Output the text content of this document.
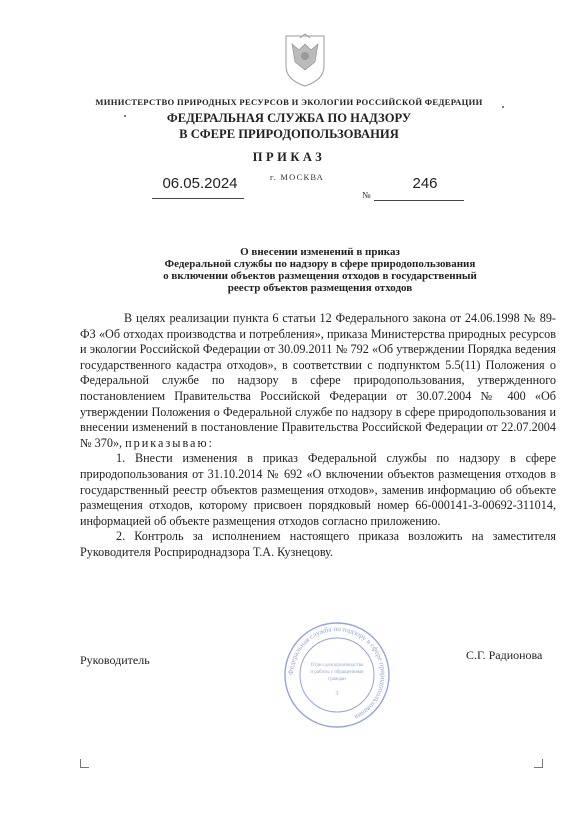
МИНИСТЕРСТВО ПРИРОДНЫХ РЕСУРСОВ И ЭКОЛОГИИ РОССИЙСКОЙ ФЕДЕРАЦИИ
ФЕДЕРАЛЬНАЯ СЛУЖБА ПО НАДЗОРУ
В СФЕРЕ ПРИРОДОПОЛЬЗОВАНИЯ
ПРИКАЗ
06.05.2024	г. МОСКВА
№
246
О внесении изменений в приказ
Федеральной службы по надзору в сфере природопользования
о включении объектов размещения отходов в государственный
реестр объектов размещения отходов

В целях реализации пункта 6 статьи 12 Федерального закона от 24.06.1998 № 89-ФЗ «Об отходах производства и потребления», приказа Министерства природных ресурсов и экологии Российской Федерации от 30.09.2011 № 792 «Об утверждении Порядка ведения государственного кадастра отходов», в соответствии с подпунктом 5.5(11) Положения о Федеральной службе по надзору в сфере природопользования, утвержденного постановлением Правительства Российской Федерации от 30.07.2004 № 400 «Об утверждении Положения о Федеральной службе по надзору в сфере природопользования и внесении изменений в постановление Правительства Российской Федерации от 22.07.2004 № 370», приказываю:

1. Внести изменения в приказ Федеральной службы по надзору в сфере природопользования от 31.10.2014 № 692 «О включении объектов размещения отходов в государственный реестр объектов размещения отходов», заменив информацию об объекте размещения отходов, которому присвоен порядковый номер 66-000141-З-00692-311014, информацией об объекте размещения отходов согласно приложению.

2. Контроль за исполнением настоящего приказа возложить на заместителя Руководителя Росприроднадзора Т.А. Кузнецову.

Руководитель	С.Г. Радионова
Федеральная служба по надзору в сфере природопользования
Отдел делопроизводства
и работы с обращениями
граждан
3
